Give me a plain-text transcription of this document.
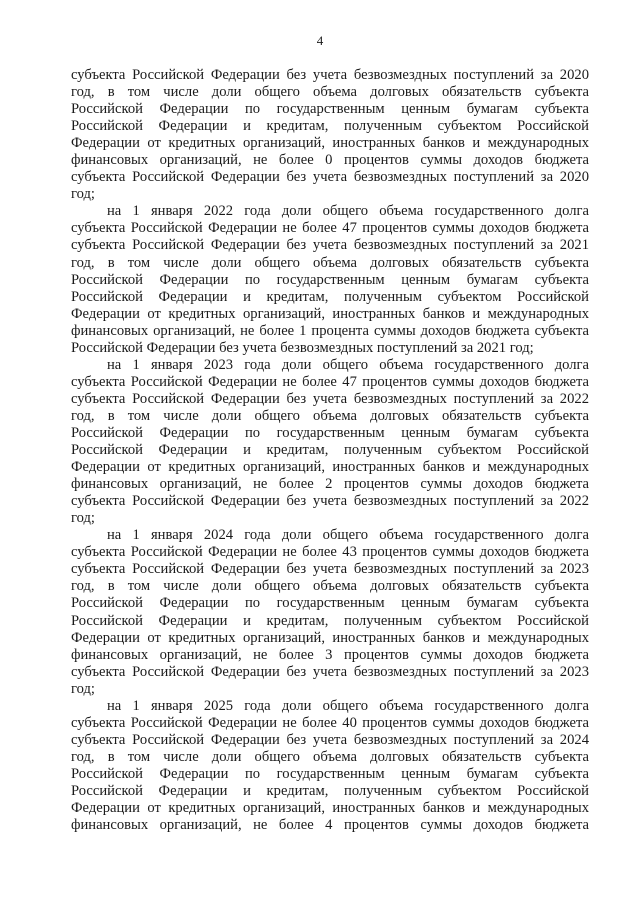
4
субъекта Российской Федерации без учета безвозмездных поступлений за 2020
год, в том числе доли общего объема долговых обязательств субъекта
Российской Федерации по государственным ценным бумагам субъекта
Российской Федерации и кредитам, полученным субъектом Российской
Федерации от кредитных организаций, иностранных банков и международных
финансовых организаций, не более 0 процентов суммы доходов бюджета
субъекта Российской Федерации без учета безвозмездных поступлений за 2020
год;
на 1 января 2022 года доли общего объема государственного долга
субъекта Российской Федерации не более 47 процентов суммы доходов бюджета
субъекта Российской Федерации без учета безвозмездных поступлений за 2021
год, в том числе доли общего объема долговых обязательств субъекта
Российской Федерации по государственным ценным бумагам субъекта
Российской Федерации и кредитам, полученным субъектом Российской
Федерации от кредитных организаций, иностранных банков и международных
финансовых организаций, не более 1 процента суммы доходов бюджета субъекта
Российской Федерации без учета безвозмездных поступлений за 2021 год;
на 1 января 2023 года доли общего объема государственного долга
субъекта Российской Федерации не более 47 процентов суммы доходов бюджета
субъекта Российской Федерации без учета безвозмездных поступлений за 2022
год, в том числе доли общего объема долговых обязательств субъекта
Российской Федерации по государственным ценным бумагам субъекта
Российской Федерации и кредитам, полученным субъектом Российской
Федерации от кредитных организаций, иностранных банков и международных
финансовых организаций, не более 2 процентов суммы доходов бюджета
субъекта Российской Федерации без учета безвозмездных поступлений за 2022
год;
на 1 января 2024 года доли общего объема государственного долга
субъекта Российской Федерации не более 43 процентов суммы доходов бюджета
субъекта Российской Федерации без учета безвозмездных поступлений за 2023
год, в том числе доли общего объема долговых обязательств субъекта
Российской Федерации по государственным ценным бумагам субъекта
Российской Федерации и кредитам, полученным субъектом Российской
Федерации от кредитных организаций, иностранных банков и международных
финансовых организаций, не более 3 процентов суммы доходов бюджета
субъекта Российской Федерации без учета безвозмездных поступлений за 2023
год;
на 1 января 2025 года доли общего объема государственного долга
субъекта Российской Федерации не более 40 процентов суммы доходов бюджета
субъекта Российской Федерации без учета безвозмездных поступлений за 2024
год, в том числе доли общего объема долговых обязательств субъекта
Российской Федерации по государственным ценным бумагам субъекта
Российской Федерации и кредитам, полученным субъектом Российской
Федерации от кредитных организаций, иностранных банков и международных
финансовых организаций, не более 4 процентов суммы доходов бюджета
